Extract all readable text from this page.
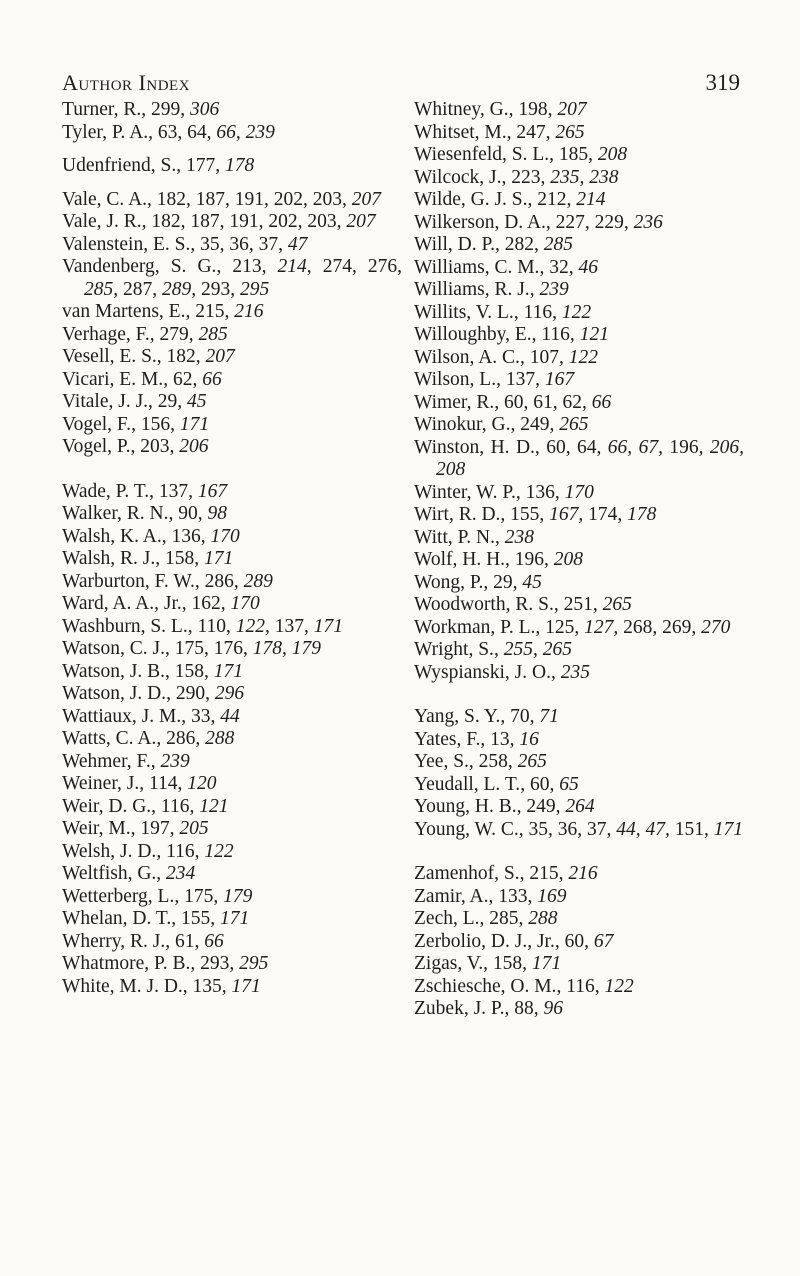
Author Index	319
Turner, R., 299, 306
Tyler, P. A., 63, 64, 66, 239
Udenfriend, S., 177, 178
Vale, C. A., 182, 187, 191, 202, 203, 207
Vale, J. R., 182, 187, 191, 202, 203, 207
Valenstein, E. S., 35, 36, 37, 47
Vandenberg, S. G., 213, 214, 274, 276, 285, 287, 289, 293, 295
van Martens, E., 215, 216
Verhage, F., 279, 285
Vesell, E. S., 182, 207
Vicari, E. M., 62, 66
Vitale, J. J., 29, 45
Vogel, F., 156, 171
Vogel, P., 203, 206
Wade, P. T., 137, 167
Walker, R. N., 90, 98
Walsh, K. A., 136, 170
Walsh, R. J., 158, 171
Warburton, F. W., 286, 289
Ward, A. A., Jr., 162, 170
Washburn, S. L., 110, 122, 137, 171
Watson, C. J., 175, 176, 178, 179
Watson, J. B., 158, 171
Watson, J. D., 290, 296
Wattiaux, J. M., 33, 44
Watts, C. A., 286, 288
Wehmer, F., 239
Weiner, J., 114, 120
Weir, D. G., 116, 121
Weir, M., 197, 205
Welsh, J. D., 116, 122
Weltfish, G., 234
Wetterberg, L., 175, 179
Whelan, D. T., 155, 171
Wherry, R. J., 61, 66
Whatmore, P. B., 293, 295
White, M. J. D., 135, 171
Whitney, G., 198, 207
Whitset, M., 247, 265
Wiesenfeld, S. L., 185, 208
Wilcock, J., 223, 235, 238
Wilde, G. J. S., 212, 214
Wilkerson, D. A., 227, 229, 236
Will, D. P., 282, 285
Williams, C. M., 32, 46
Williams, R. J., 239
Willits, V. L., 116, 122
Willoughby, E., 116, 121
Wilson, A. C., 107, 122
Wilson, L., 137, 167
Wimer, R., 60, 61, 62, 66
Winokur, G., 249, 265
Winston, H. D., 60, 64, 66, 67, 196, 206, 208
Winter, W. P., 136, 170
Wirt, R. D., 155, 167, 174, 178
Witt, P. N., 238
Wolf, H. H., 196, 208
Wong, P., 29, 45
Woodworth, R. S., 251, 265
Workman, P. L., 125, 127, 268, 269, 270
Wright, S., 255, 265
Wyspianski, J. O., 235
Yang, S. Y., 70, 71
Yates, F., 13, 16
Yee, S., 258, 265
Yeudall, L. T., 60, 65
Young, H. B., 249, 264
Young, W. C., 35, 36, 37, 44, 47, 151, 171
Zamenhof, S., 215, 216
Zamir, A., 133, 169
Zech, L., 285, 288
Zerbolio, D. J., Jr., 60, 67
Zigas, V., 158, 171
Zschiesche, O. M., 116, 122
Zubek, J. P., 88, 96
